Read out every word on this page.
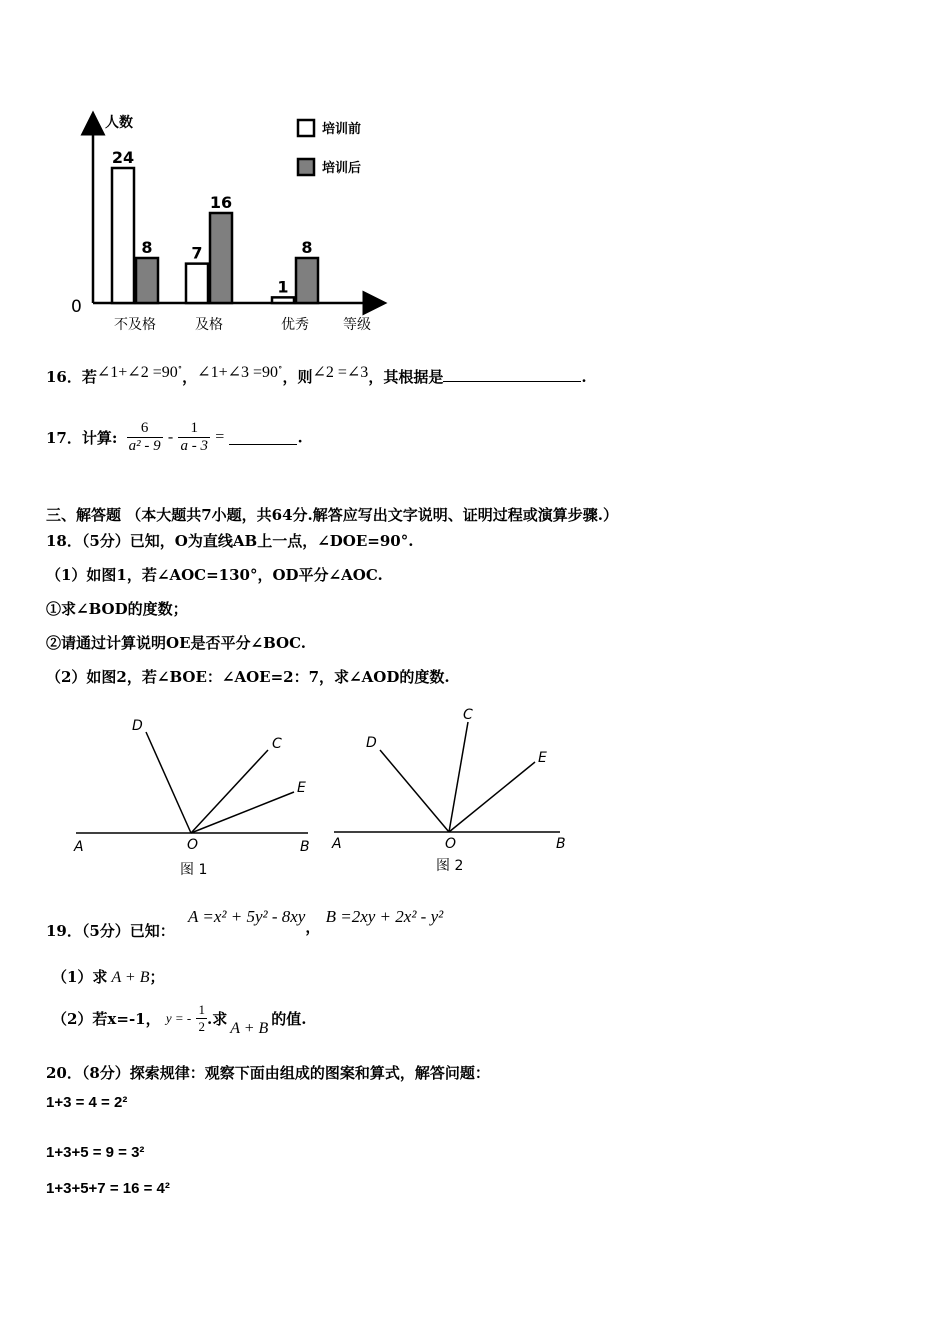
人数
0
等级
24
8
不及格
7
16
及格
1
8
优秀
培训前
培训后
16．若∠1+∠2 =90∘，∠1+∠3 =90∘，则∠2 =∠3，其根据是	.
17．计算: $\frac{6}{\text{a² - 9}} - \frac{1}{a - 3}$ =	.
三、解答题 （本大题共7小题，共64分.解答应写出文字说明、证明过程或演算步骤.）
18．（5分）已知，O为直线AB上一点，∠DOE=90°.
（1）如图1，若∠AOC=130°，OD平分∠AOC.
①求∠BOD的度数；
②请通过计算说明OE是否平分∠BOC.
（2）如图2，若∠BOE：∠AOE=2：7，求∠AOD的度数.
D
C
E
A	O	B
图 1
D
C
E
A	O	B
图 2
19．（5分）已知： A =x² + 5y² - 8xy， B =2xy + 2x² - y²
（1）求 A + B；
（2）若x=-1， y = - $\frac{1}{2}$ .求 A + B 的值.
20．（8分）探索规律：观察下面由组成的图案和算式，解答问题：
1+3 = 4 = 2²
1+3+5 = 9 = 3²
1+3+5+7 = 16 = 4²
